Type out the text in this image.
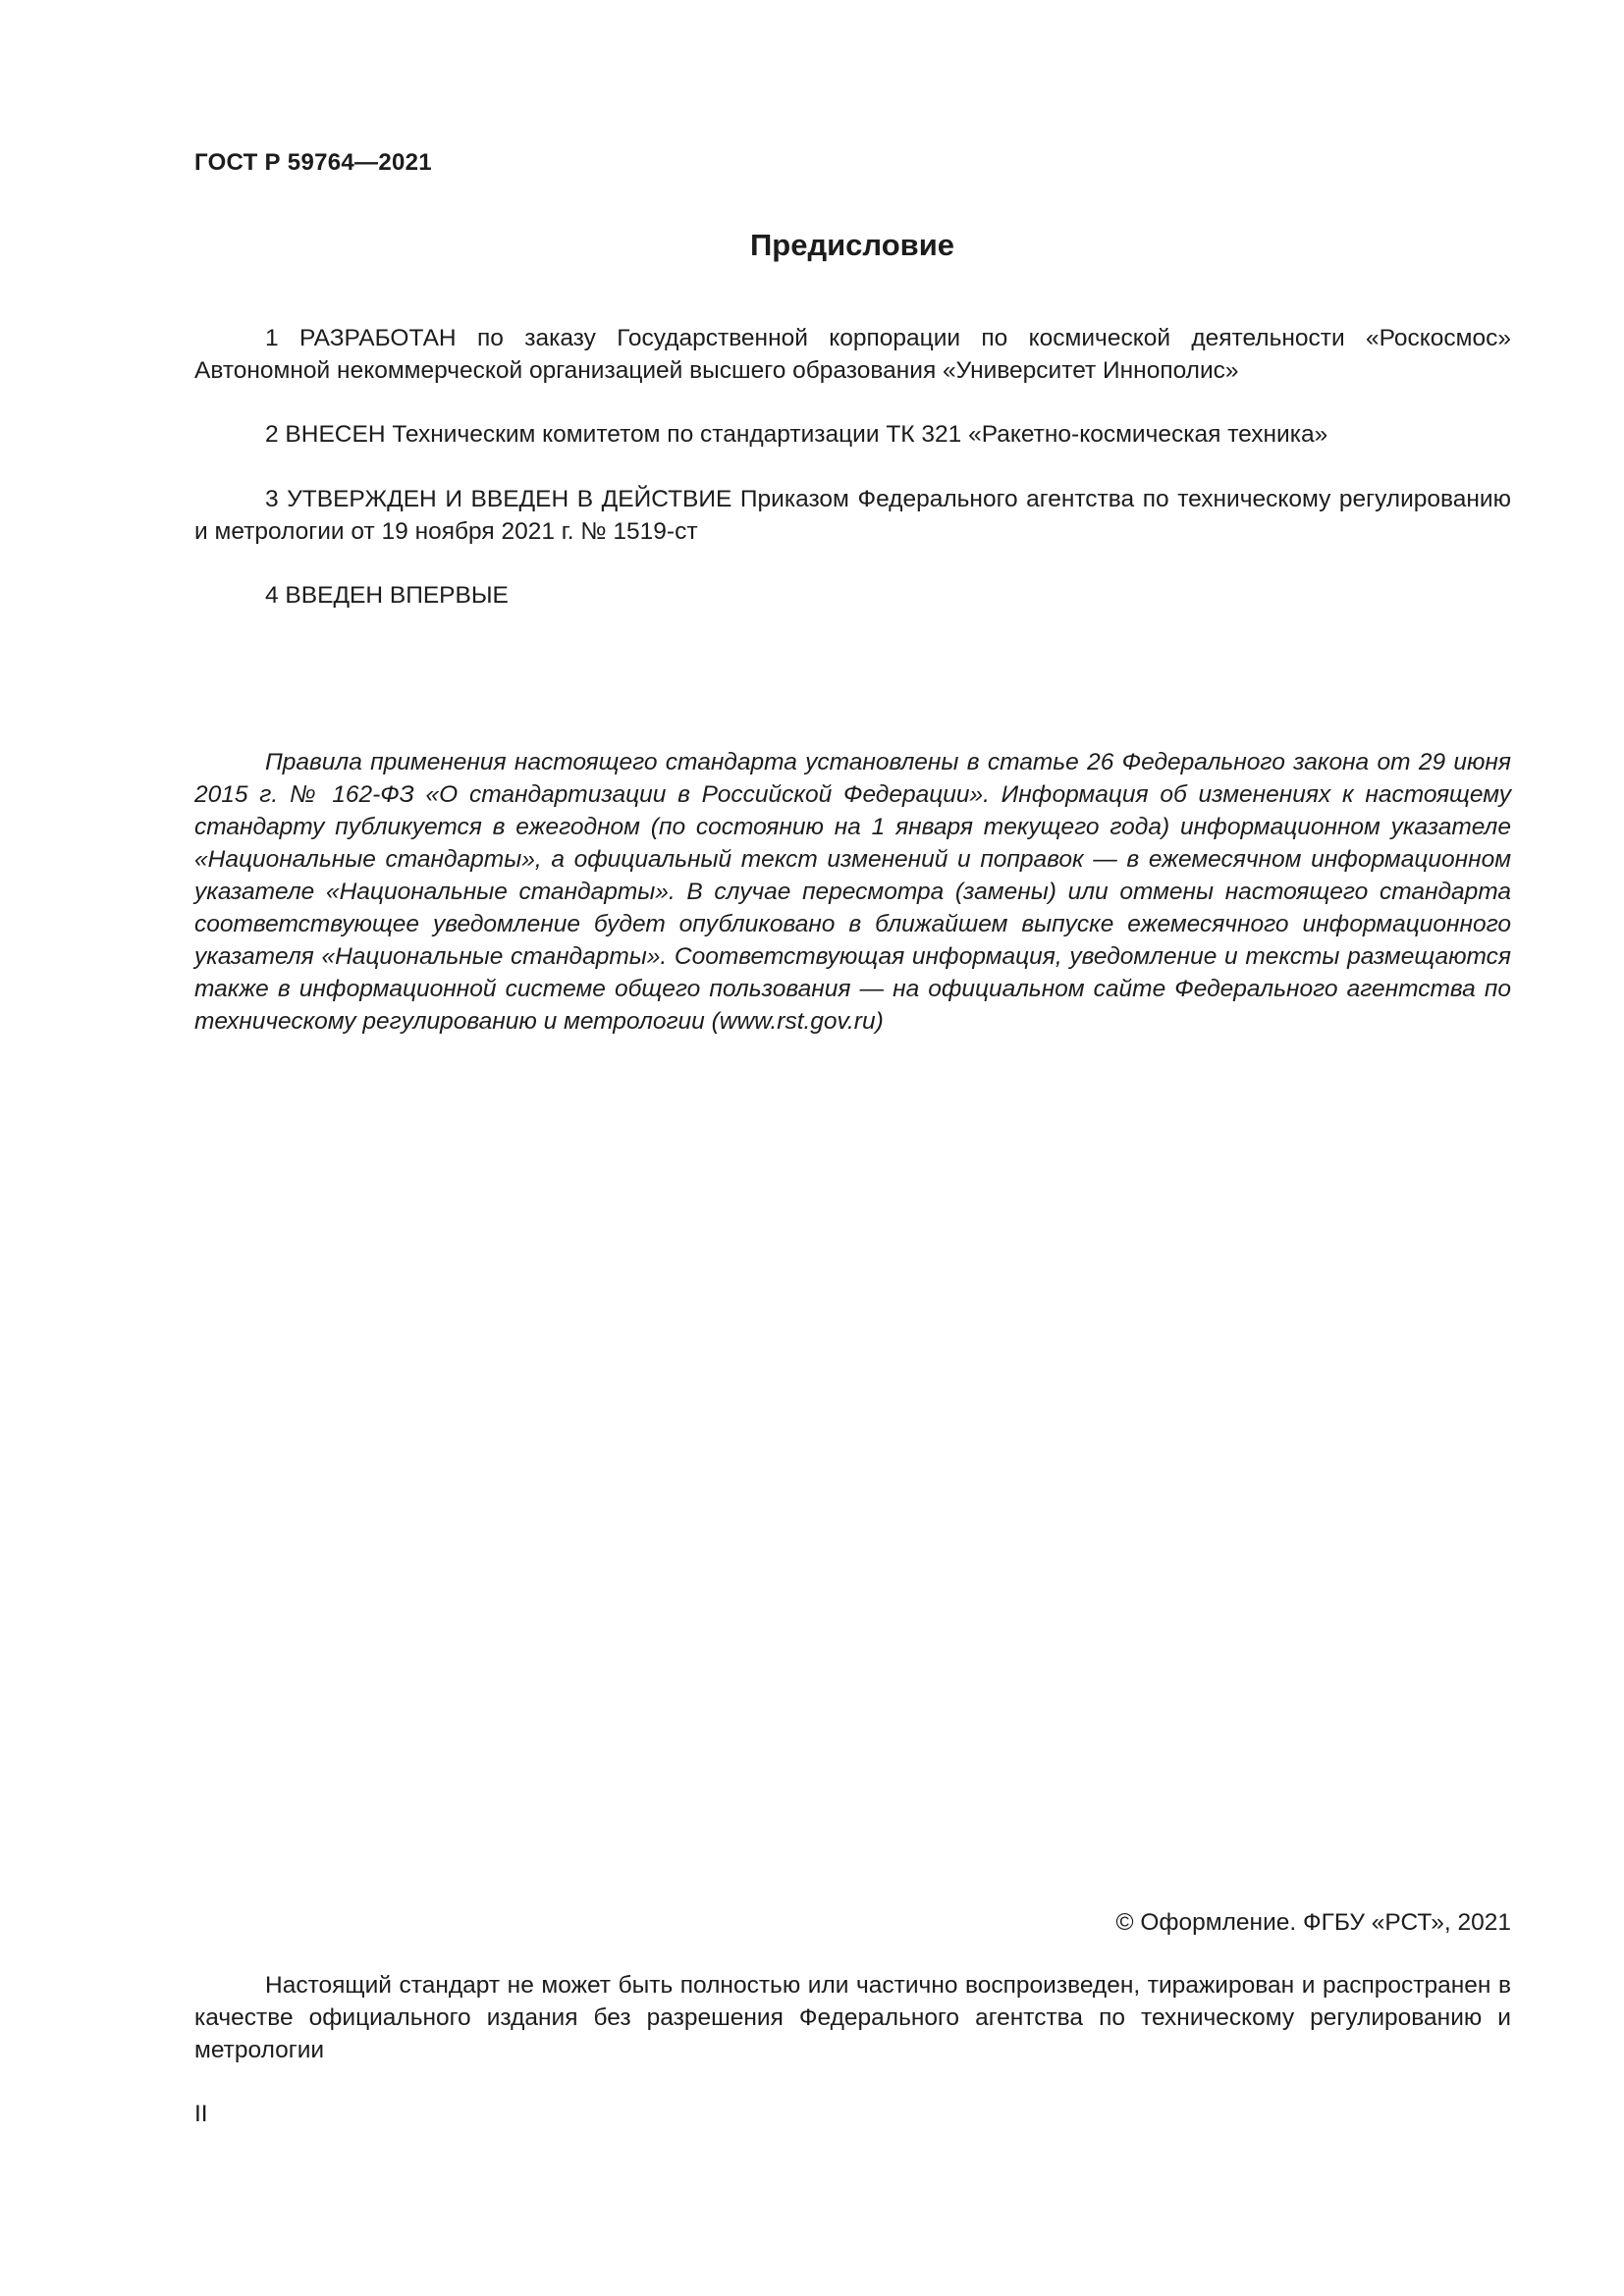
ГОСТ Р 59764—2021
Предисловие

1 РАЗРАБОТАН по заказу Государственной корпорации по космической деятельности «Роскосмос» Автономной некоммерческой организацией высшего образования «Университет Иннополис»

2 ВНЕСЕН Техническим комитетом по стандартизации ТК 321 «Ракетно-космическая техника»

3 УТВЕРЖДЕН И ВВЕДЕН В ДЕЙСТВИЕ Приказом Федерального агентства по техническому регулированию и метрологии от 19 ноября 2021 г. № 1519-ст

4 ВВЕДЕН ВПЕРВЫЕ

Правила применения настоящего стандарта установлены в статье 26 Федерального закона от 29 июня 2015 г. № 162-ФЗ «О стандартизации в Российской Федерации». Информация об изменениях к настоящему стандарту публикуется в ежегодном (по состоянию на 1 января текущего года) информационном указателе «Национальные стандарты», а официальный текст изменений и поправок — в ежемесячном информационном указателе «Национальные стандарты». В случае пересмотра (замены) или отмены настоящего стандарта соответствующее уведомление будет опубликовано в ближайшем выпуске ежемесячного информационного указателя «Национальные стандарты». Соответствующая информация, уведомление и тексты размещаются также в информационной системе общего пользования — на официальном сайте Федерального агентства по техническому регулированию и метрологии (www.rst.gov.ru)

© Оформление. ФГБУ «РСТ», 2021

Настоящий стандарт не может быть полностью или частично воспроизведен, тиражирован и распространен в качестве официального издания без разрешения Федерального агентства по техническому регулированию и метрологии

II
